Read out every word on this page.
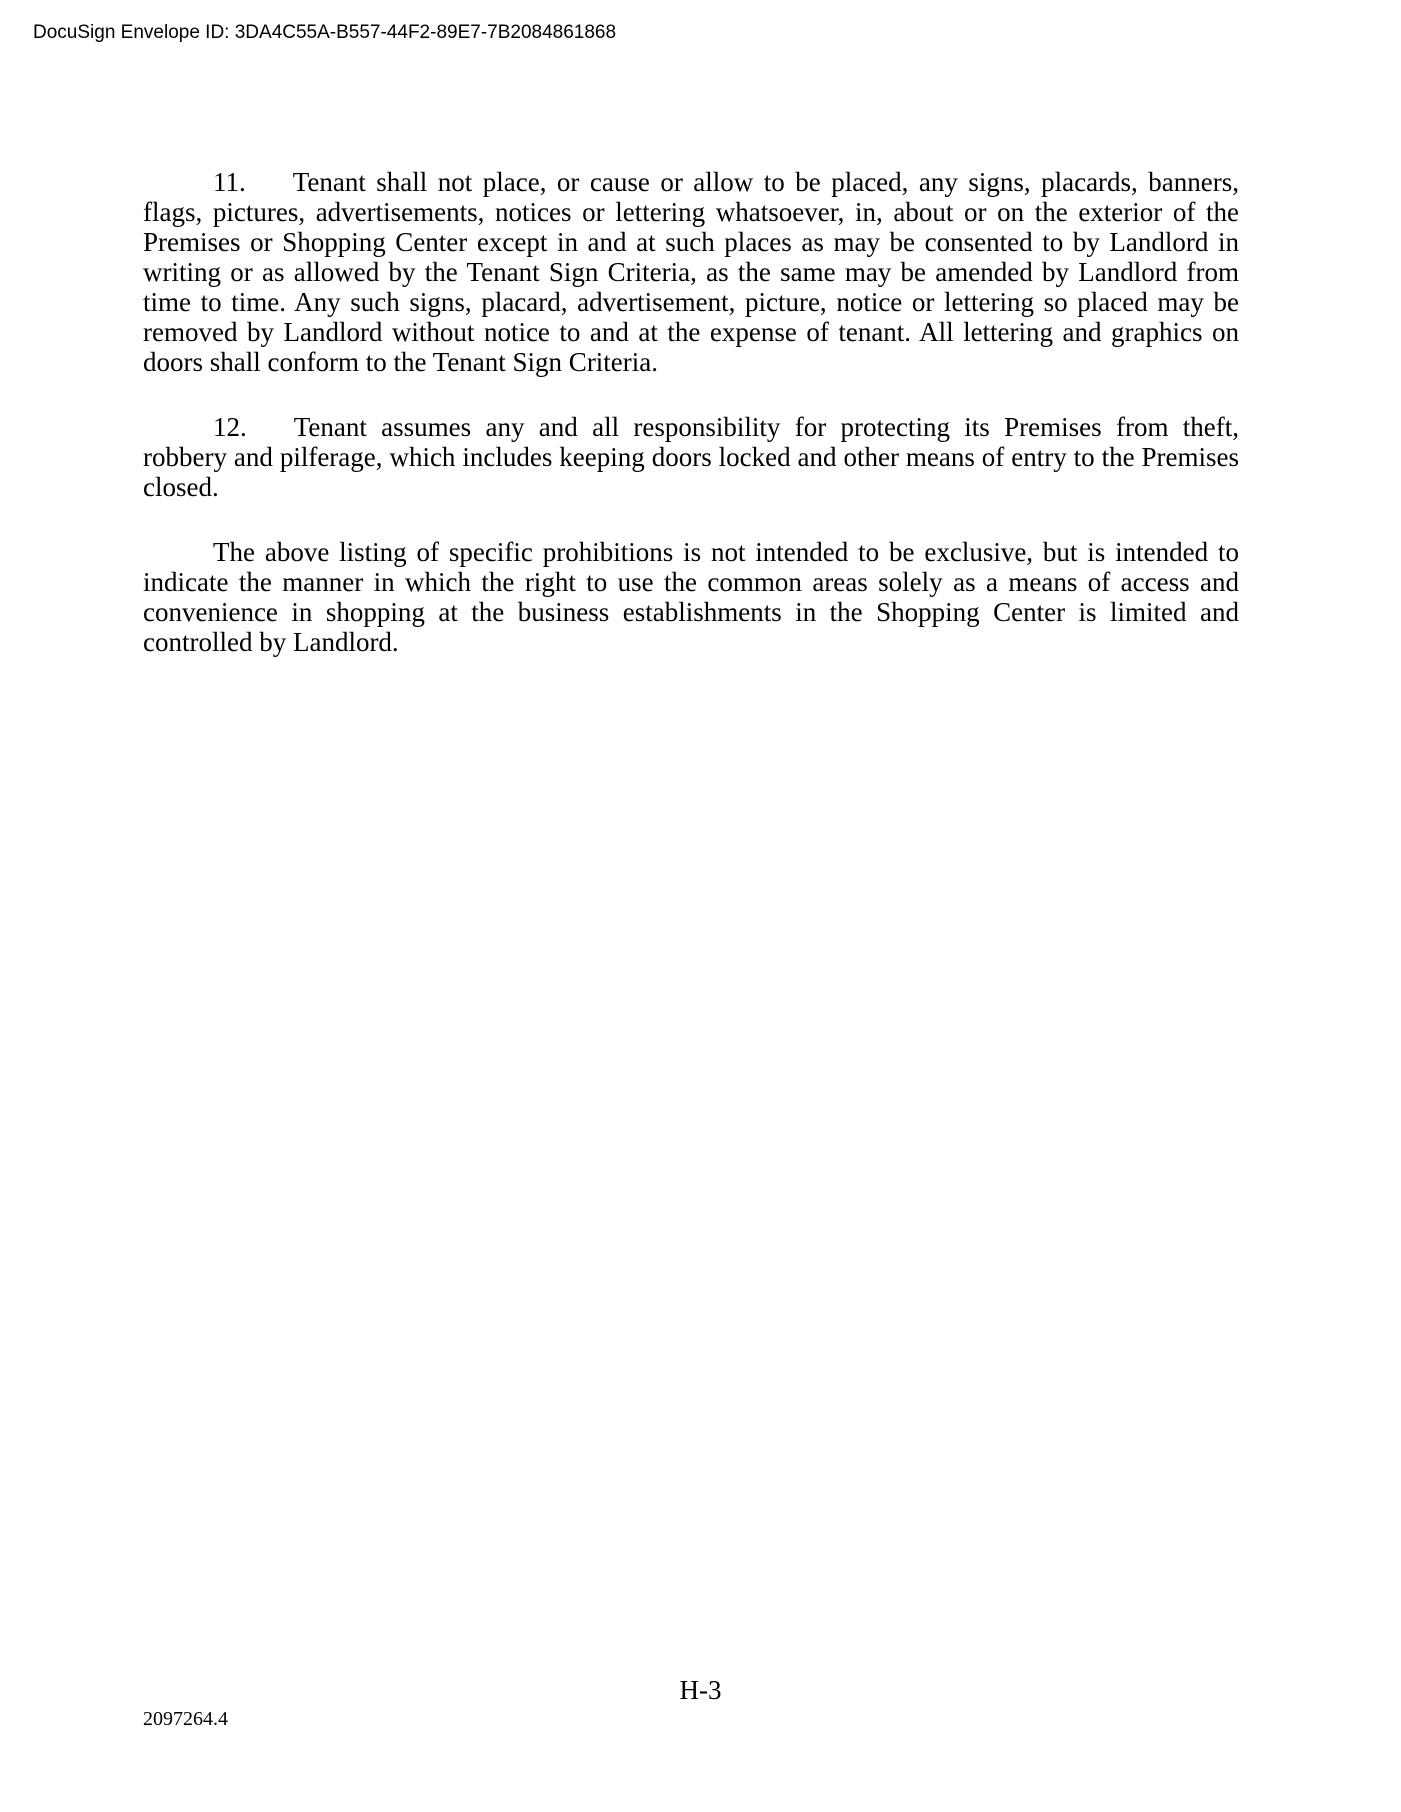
DocuSign Envelope ID: 3DA4C55A-B557-44F2-89E7-7B2084861868

11. Tenant shall not place, or cause or allow to be placed, any signs, placards, banners, flags, pictures, advertisements, notices or lettering whatsoever, in, about or on the exterior of the Premises or Shopping Center except in and at such places as may be consented to by Landlord in writing or as allowed by the Tenant Sign Criteria, as the same may be amended by Landlord from time to time. Any such signs, placard, advertisement, picture, notice or lettering so placed may be removed by Landlord without notice to and at the expense of tenant. All lettering and graphics on doors shall conform to the Tenant Sign Criteria.

12. Tenant assumes any and all responsibility for protecting its Premises from theft, robbery and pilferage, which includes keeping doors locked and other means of entry to the Premises closed.

The above listing of specific prohibitions is not intended to be exclusive, but is intended to indicate the manner in which the right to use the common areas solely as a means of access and convenience in shopping at the business establishments in the Shopping Center is limited and controlled by Landlord.

H-3
2097264.4
